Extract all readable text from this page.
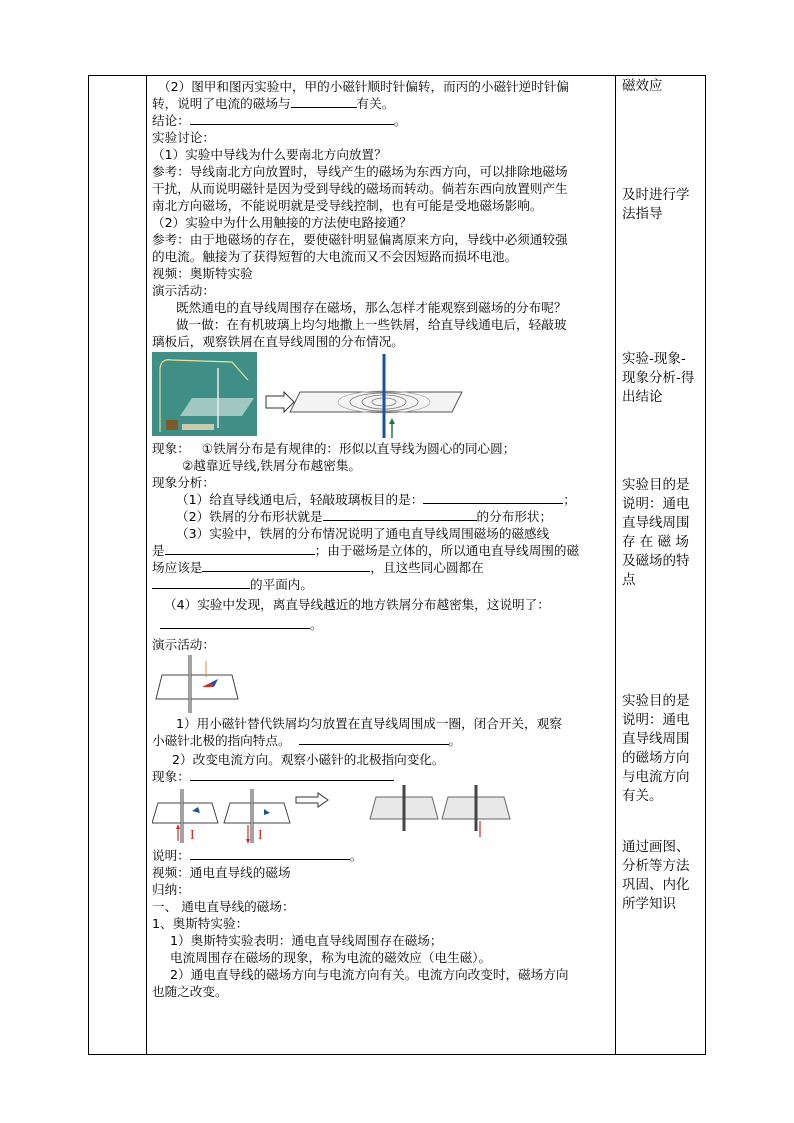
（2）图甲和图丙实验中，甲的小磁针顺时针偏转，而丙的小磁针逆时针偏

转，说明了电流的磁场与	有关。

结论：	。

实验讨论：

（1）实验中导线为什么要南北方向放置？

参考：导线南北方向放置时，导线产生的磁场为东西方向，可以排除地磁场

干扰，从而说明磁针是因为受到导线的磁场而转动。倘若东西向放置则产生

南北方向磁场，不能说明就是受导线控制，也有可能是受地磁场影响。

（2）实验中为什么用触接的方法使电路接通？

参考：由于地磁场的存在，要使磁针明显偏离原来方向，导线中必须通较强

的电流。触接为了获得短暂的大电流而又不会因短路而损坏电池。

视频：奥斯特实验

演示活动：

既然通电的直导线周围存在磁场，那么怎样才能观察到磁场的分布呢？

做一做：在有机玻璃上均匀地撒上一些铁屑，给直导线通电后，轻敲玻

璃板后，观察铁屑在直导线周围的分布情况。

现象： ①铁屑分布是有规律的：形似以直导线为圆心的同心圆；

②越靠近导线,铁屑分布越密集。

现象分析：

（1）给直导线通电后，轻敲玻璃板目的是：	；

（2）铁屑的分布形状就是	的分布形状；

（3）实验中，铁屑的分布情况说明了通电直导线周围磁场的磁感线

是	；由于磁场是立体的，所以通电直导线周围的磁

场应该是	，且这些同心圆都在

的平面内。

（4）实验中发现，离直导线越近的地方铁屑分布越密集，这说明了：

。

演示活动：

1）用小磁针替代铁屑均匀放置在直导线周围成一圈，闭合开关，观察

小磁针北极的指向特点。	。

2）改变电流方向。观察小磁针的北极指向变化。

现象：

I	I

说明：	。

视频：通电直导线的磁场

归纳：

一、 通电直导线的磁场：

1、奥斯特实验：

1）奥斯特实验表明：通电直导线周围存在磁场；

电流周围存在磁场的现象，称为电流的磁效应（电生磁）。

2）通电直导线的磁场方向与电流方向有关。电流方向改变时，磁场方向

也随之改变。

磁效应
及时进行学
法指导
实验-现象-
现象分析-得
出结论
实验目的是
说明：通电
直导线周围
存 在 磁 场
及磁场的特
点
实验目的是
说明：通电
直导线周围
的磁场方向
与电流方向
有关。
通过画图、
分析等方法
巩固、内化
所学知识
